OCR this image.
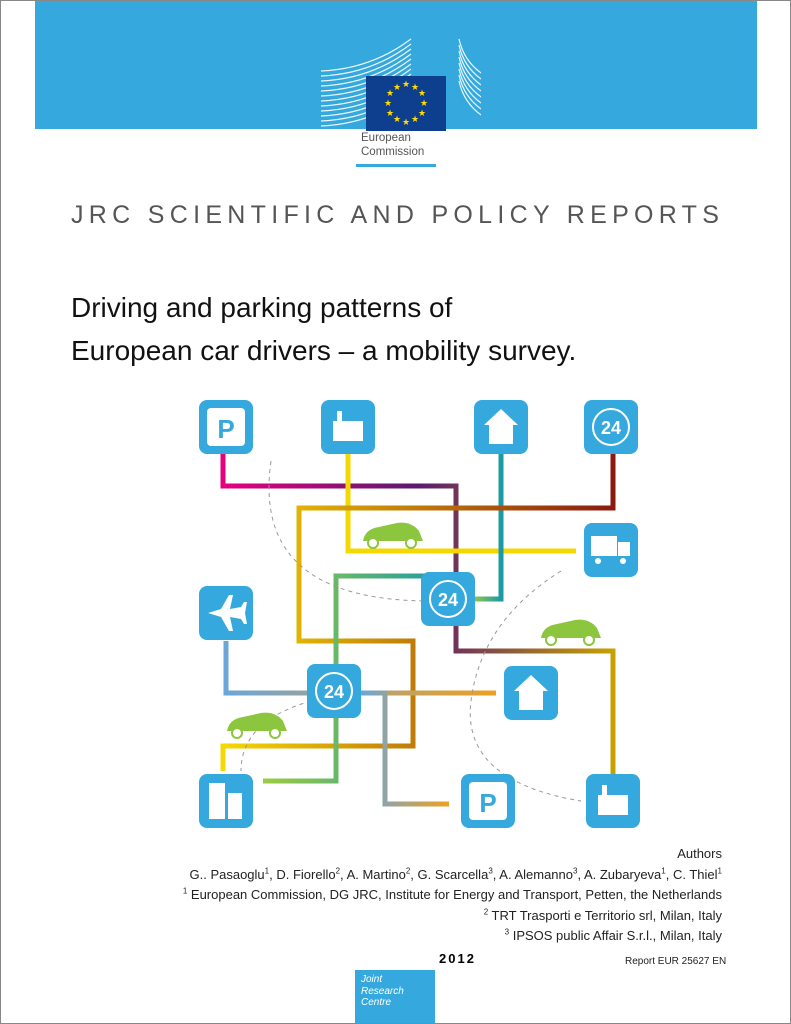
★ ★
★
★
★
★
★
★
★
★
★
★
European
Commission
JRC SCIENTIFIC AND POLICY REPORTS
Driving and parking patterns of
European car drivers – a mobility survey.
P	24
24
24
P
Authors
G.. Pasaoglu$^1$, D. Fiorello$^2$, A. Martino$^2$, G. Scarcella$^3$, A. Alemanno$^3$, A. Zubaryeva$^1$, C. Thiel$^1$
$^1$ European Commission, DG JRC, Institute for Energy and Transport, Petten, the Netherlands
$^2$ TRT Trasporti e Territorio srl, Milan, Italy
$^3$ IPSOS public Affair S.r.l., Milan, Italy
2012	Report EUR 25627 EN
Joint
Research
Centre
